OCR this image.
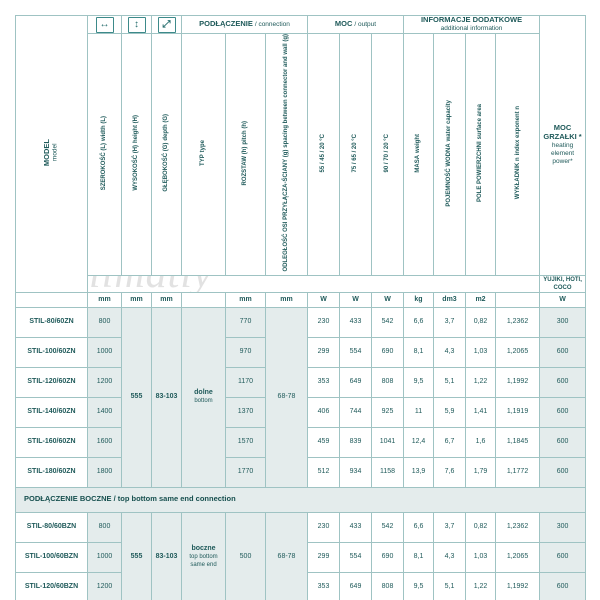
MODEL
model	↔	↕	⤢	PODŁĄCZENIE / connection			MOC / output			INFORMACJE DODATKOWE
additional information				MOC GRZAŁKI *
heating element power*
	SZEROKOŚĆ (L) width (L)	WYSOKOŚĆ (H) height (H)	GŁĘBOKOŚĆ (G) depth (G)	TYP type	ROZSTAW (h) pitch (h)	ODLEGŁOŚĆ OSI PRZYŁĄCZA-ŚCIANY (g) spacing between connector and wall (g)	55 / 45 / 20 °C	75 / 65 / 20 °C	90 / 70 / 20 °C	MASA weight	POJEMNOŚĆ WODNA water capacity	POLE POWIERZCHNI surface area	WYKŁADNIK n index exponent n	
														YUJIKI, HOTI, COCO
	mm	mm	mm		mm	mm	W	W	W	kg	dm3	m2		W
STIL-80/60ZN	800	555	83-103	dolne
bottom	770	68-78	230	433	542	6,6	3,7	0,82	1,2362	300
STIL-100/60ZN	1000				970		299	554	690	8,1	4,3	1,03	1,2065	600
STIL-120/60ZN	1200				1170		353	649	808	9,5	5,1	1,22	1,1992	600
STIL-140/60ZN	1400				1370		406	744	925	11	5,9	1,41	1,1919	600
STIL-160/60ZN	1600				1570		459	839	1041	12,4	6,7	1,6	1,1845	600
STIL-180/60ZN	1800				1770		512	934	1158	13,9	7,6	1,79	1,1772	600
PODŁĄCZENIE BOCZNE / top bottom same end connection														
STIL-80/60BZN	800	555	83-103	boczne
top bottom same end	500	68-78	230	433	542	6,6	3,7	0,82	1,2362	300
STIL-100/60BZN	1000						299	554	690	8,1	4,3	1,03	1,2065	600
STIL-120/60BZN	1200						353	649	808	9,5	5,1	1,22	1,1992	600
